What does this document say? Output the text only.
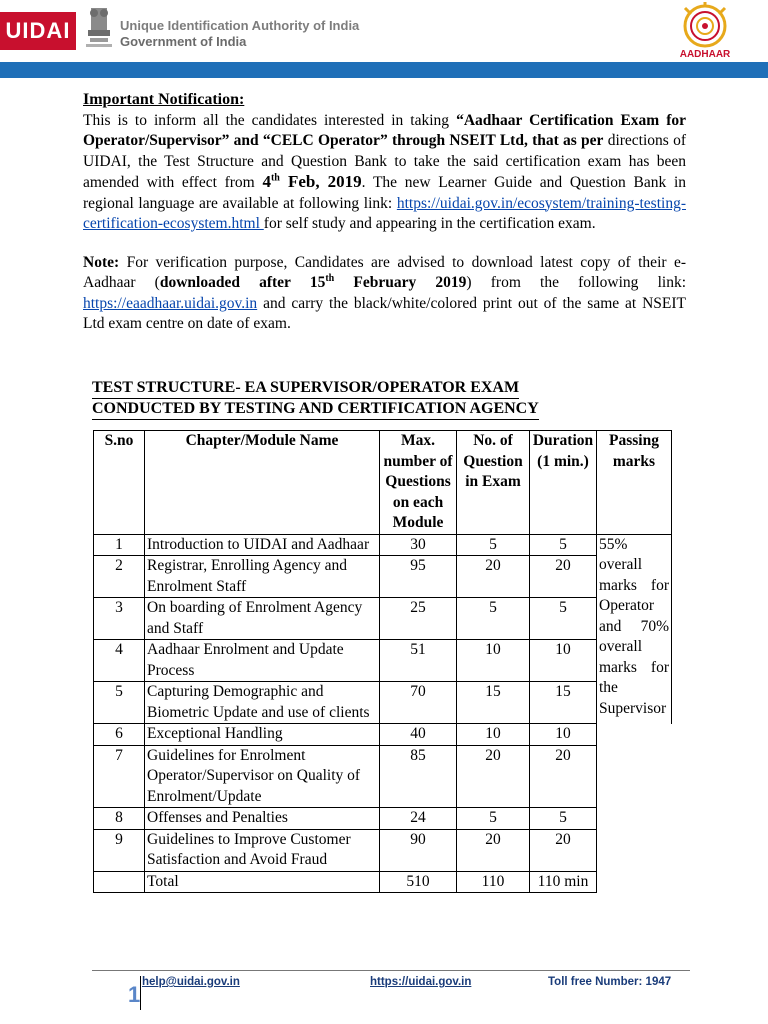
UIDAI	Unique Identification Authority of India
Government of India
AADHAAR
Important Notification:

This is to inform all the candidates interested in taking “Aadhaar Certification Exam for Operator/Supervisor” and “CELC Operator” through NSEIT Ltd, that as per directions of UIDAI, the Test Structure and Question Bank to take the said certification exam has been amended with effect from 4th Feb, 2019. The new Learner Guide and Question Bank in regional language are available at following link: https://uidai.gov.in/ecosystem/training-testing-certification-ecosystem.html for self study and appearing in the certification exam.

Note: For verification purpose, Candidates are advised to download latest copy of their e-Aadhaar (downloaded after 15th February 2019) from the following link: https://eaadhaar.uidai.gov.in and carry the black/white/colored print out of the same at NSEIT Ltd exam centre on date of exam.

TEST STRUCTURE- EA SUPERVISOR/OPERATOR EXAM
CONDUCTED BY TESTING AND CERTIFICATION AGENCY
S.no	Chapter/Module Name	Max. number of Questions on each Module	No. of Question in Exam	Duration (1 min.)	Passing marks
1	Introduction to UIDAI and Aadhaar	30	5	5	55% overall marks for Operator and 70% overall marks for the Supervisor
2	Registrar, Enrolling Agency and Enrolment Staff	95	20	20	
3	On boarding of Enrolment Agency and Staff	25	5	5	
4	Aadhaar Enrolment and Update Process	51	10	10	
5	Capturing Demographic and Biometric Update and use of clients	70	15	15	
6	Exceptional Handling	40	10	10	
7	Guidelines for Enrolment Operator/Supervisor on Quality of Enrolment/Update	85	20	20	
8	Offenses and Penalties	24	5	5	
9	Guidelines to Improve Customer Satisfaction and Avoid Fraud	90	20	20	
	Total	510	110	110 min	
1 help@uidai.gov.in	https://uidai.gov.in	Toll free Number: 1947
